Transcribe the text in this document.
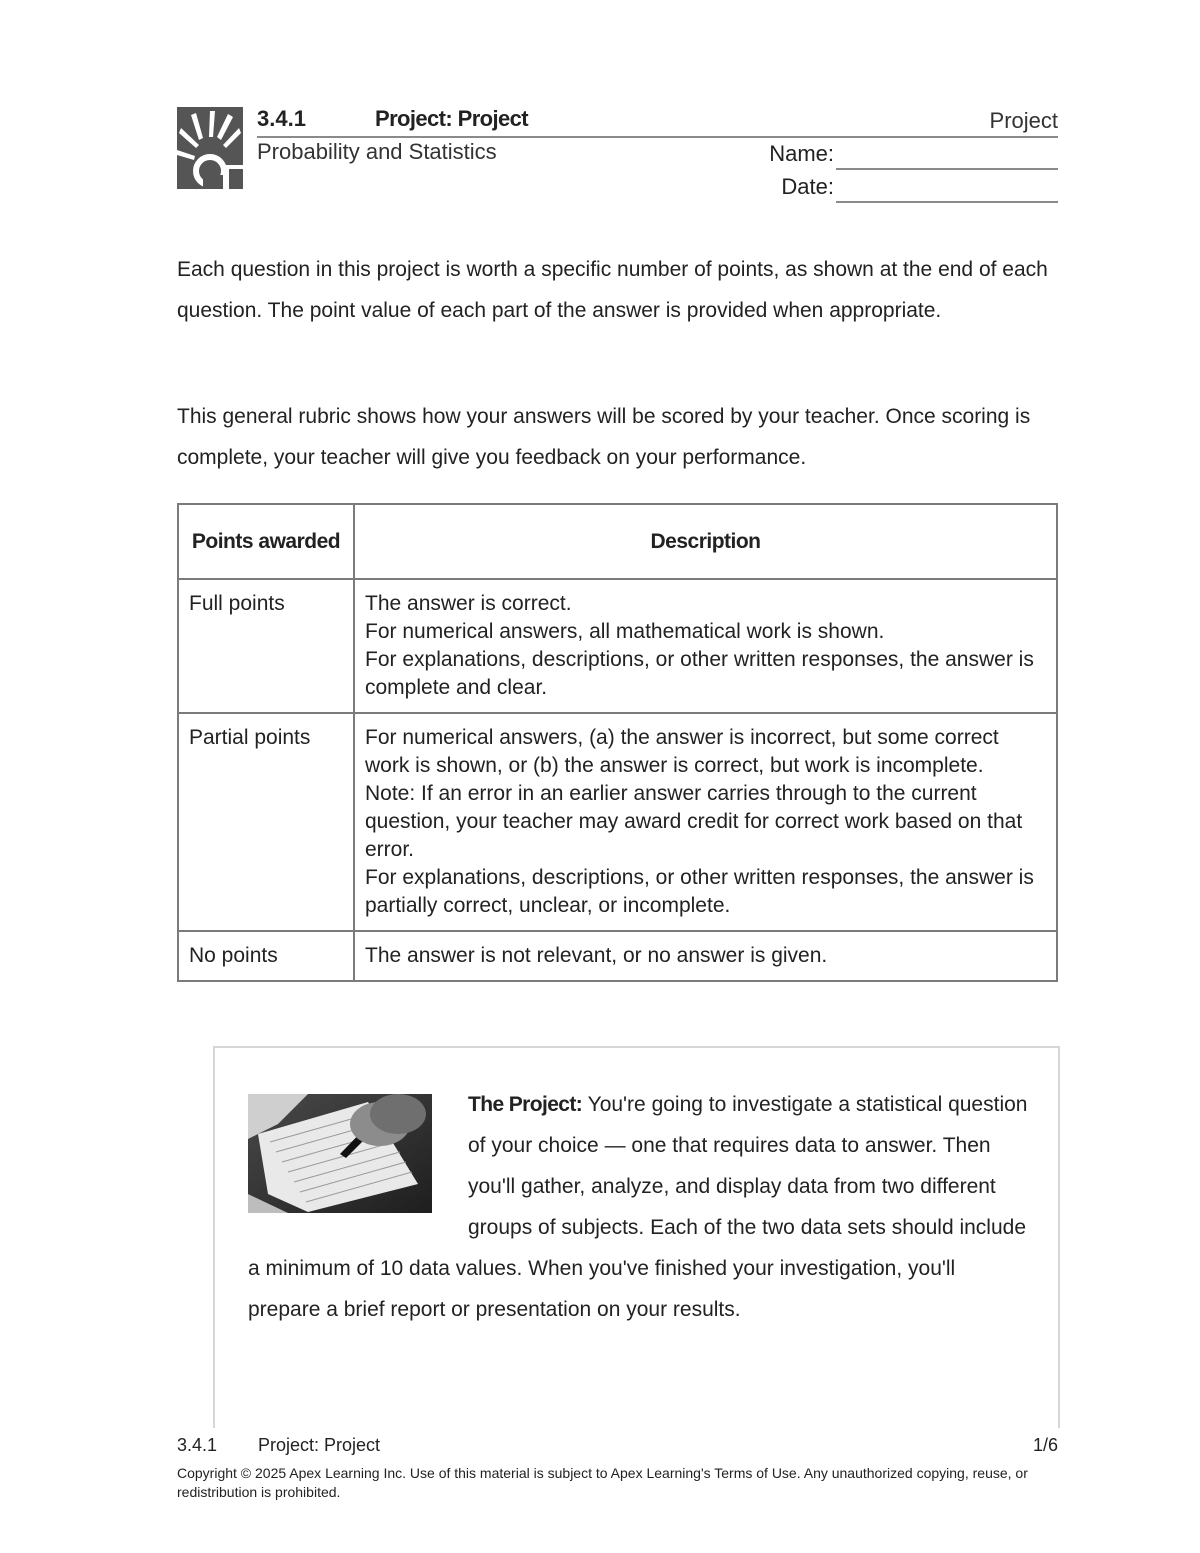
3.4.1	Project: Project	Project
Probability and Statistics	Name:
Date:
Each question in this project is worth a specific number of points, as shown at the end of each question. The point value of each part of the answer is provided when appropriate.
This general rubric shows how your answers will be scored by your teacher. Once scoring is complete, your teacher will give you feedback on your performance.
Points awarded	Description
Full points	The answer is correct.
For numerical answers, all mathematical work is shown.
For explanations, descriptions, or other written responses, the answer is complete and clear.

Partial points	For numerical answers, (a) the answer is incorrect, but some correct work is shown, or (b) the answer is correct, but work is incomplete.
Note: If an error in an earlier answer carries through to the current question, your teacher may award credit for correct work based on that error.
For explanations, descriptions, or other written responses, the answer is partially correct, unclear, or incomplete.

No points	The answer is not relevant, or no answer is given.
The Project: You're going to investigate a statistical question of your choice — one that requires data to answer. Then you'll gather, analyze, and display data from two different groups of subjects. Each of the two data sets should include a minimum of 10 data values. When you've finished your investigation, you'll prepare a brief report or presentation on your results.
3.4.1 Project: Project	1/6
Copyright © 2025 Apex Learning Inc. Use of this material is subject to Apex Learning's Terms of Use. Any unauthorized copying, reuse, or redistribution is prohibited.
